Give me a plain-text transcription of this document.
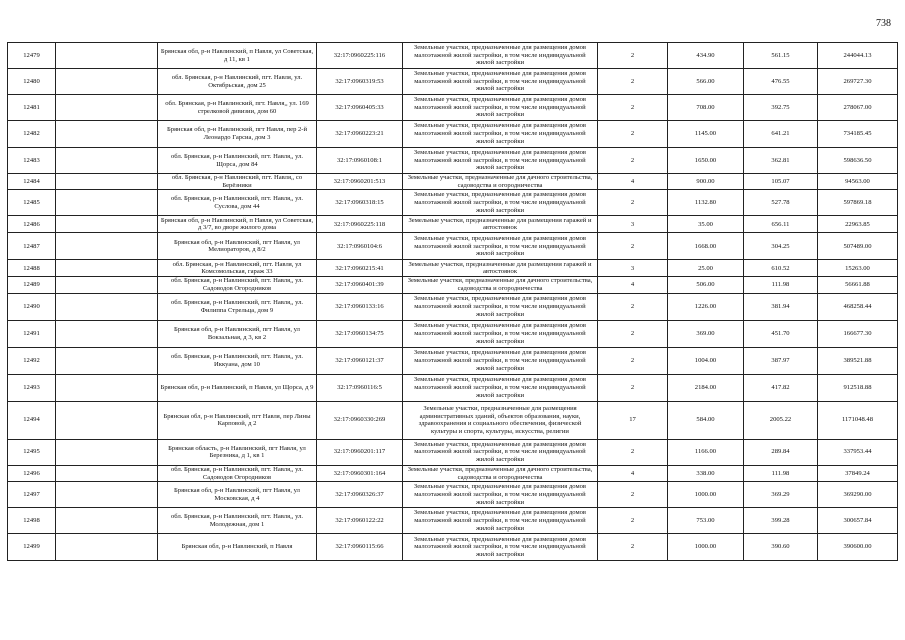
738
12479		Брянская обл, р-н Навлинский, п Навля, ул Советская, д 11, кв 1	32:17:0960225:116	Земельные участки, предназначенные для размещения домов малоэтажной жилой застройки, в том числе индивидуальной жилой застройки	2	434.90	561.15	244044.13
12480		обл. Брянская, р-н Навлинский, пгт. Навля, ул. Октябрьская, дом 25	32:17:0960319:53	Земельные участки, предназначенные для размещения домов малоэтажной жилой застройки, в том числе индивидуальной жилой застройки	2	566.00	476.55	269727.30
12481		обл. Брянская, р-н Навлинский, пгт. Навля,, ул. 169 стрелковой дивизии, дом 60	32:17:0960405:33	Земельные участки, предназначенные для размещения домов малоэтажной жилой застройки, в том числе индивидуальной жилой застройки	2	708.00	392.75	278067.00
12482		Брянская обл, р-н Навлинский, пгт Навля, пер 2-й Леонардо Гарсиа, дом 3	32:17:0960223:21	Земельные участки, предназначенные для размещения домов малоэтажной жилой застройки, в том числе индивидуальной жилой застройки	2	1145.00	641.21	734185.45
12483		обл. Брянская, р-н Навлинский, пгт. Навля,, ул. Щорса, дом 84	32:17:0960108:1	Земельные участки, предназначенные для размещения домов малоэтажной жилой застройки, в том числе индивидуальной жилой застройки	2	1650.00	362.81	598636.50
12484		обл. Брянская, р-н Навлинский, пгт. Навля,, со Берёзники	32:17:0960201:513	Земельные участки, предназначенные для дачного строительства, садоводства и огородничества	4	900.00	105.07	94563.00
12485		обл. Брянская, р-н Навлинский, пгт. Навля,, ул. Суслова, дом 44	32:17:0960318:15	Земельные участки, предназначенные для размещения домов малоэтажной жилой застройки, в том числе индивидуальной жилой застройки	2	1132.80	527.78	597869.18
12486		Брянская обл, р-н Навлинский, п Навля, ул Советская, д 3/7, во дворе жилого дома	32:17:0960225:118	Земельные участки, предназначенные для размещения гаражей и автостоянок	3	35.00	656.11	22963.85
12487		Брянская обл, р-н Навлинский, пгт Навля, ул Мелиораторов, д 8/2	32:17:0960104:6	Земельные участки, предназначенные для размещения домов малоэтажной жилой застройки, в том числе индивидуальной жилой застройки	2	1668.00	304.25	507489.00
12488		обл. Брянская, р-н Навлинский, пгт. Навля, ул Комсомольская, гараж 33	32:17:0960215:41	Земельные участки, предназначенные для размещения гаражей и автостоянок	3	25.00	610.52	15263.00
12489		обл. Брянская, р-н Навлинский, пгт. Навля,, ул. Садоводов Огородников	32:17:0960401:39	Земельные участки, предназначенные для дачного строительства, садоводства и огородничества	4	506.00	111.98	56661.88
12490		обл. Брянская, р-н Навлинский, пгт. Навля,, ул. Филиппа Стрельца, дом 9	32:17:0960133:16	Земельные участки, предназначенные для размещения домов малоэтажной жилой застройки, в том числе индивидуальной жилой застройки	2	1226.00	381.94	468258.44
12491		Брянская обл, р-н Навлинский, пгт Навля, ул Вокзальная, д 3, кв 2	32:17:0960134:75	Земельные участки, предназначенные для размещения домов малоэтажной жилой застройки, в том числе индивидуальной жилой застройки	2	369.00	451.70	166677.30
12492		обл. Брянская, р-н Навлинский, пгт. Навля,, ул. Иккуана, дом 10	32:17:0960121:37	Земельные участки, предназначенные для размещения домов малоэтажной жилой застройки, в том числе индивидуальной жилой застройки	2	1004.00	387.97	389521.88
12493		Брянская обл, р-н Навлинский, п Навля, ул Щорса, д 9	32:17:0960116:5	Земельные участки, предназначенные для размещения домов малоэтажной жилой застройки, в том числе индивидуальной жилой застройки	2	2184.00	417.82	912518.88
12494		Брянская обл, р-н Навлинский, пгт Навля, пер Лины Карповой, д 2	32:17:0960330:269	Земельные участки, предназначенные для размещения административных зданий, объектов образования, науки, здравоохранения и социального обеспечения, физической культуры и спорта, культуры, искусства, религии	17	584.00	2005.22	1171048.48
12495		Брянская область, р-н Навлинский, пгт Навля, ул Березника, д 1, кв 1	32:17:0960201:117	Земельные участки, предназначенные для размещения домов малоэтажной жилой застройки, в том числе индивидуальной жилой застройки	2	1166.00	289.84	337953.44
12496		обл. Брянская, р-н Навлинский, пгт. Навля,, ул. Садоводов Огородников	32:17:0960301:164	Земельные участки, предназначенные для дачного строительства, садоводства и огородничества	4	338.00	111.98	37849.24
12497		Брянская обл, р-н Навлинский, пгт Навля, ул Московская, д 4	32:17:0960326:37	Земельные участки, предназначенные для размещения домов малоэтажной жилой застройки, в том числе индивидуальной жилой застройки	2	1000.00	369.29	369290.00
12498		обл. Брянская, р-н Навлинский, пгт. Навля,, ул. Молодежная, дом 1	32:17:0960122:22	Земельные участки, предназначенные для размещения домов малоэтажной жилой застройки, в том числе индивидуальной жилой застройки	2	753.00	399.28	300657.84
12499		Брянская обл, р-н Навлинский, п Навля	32:17:0960115:66	Земельные участки, предназначенные для размещения домов малоэтажной жилой застройки, в том числе индивидуальной жилой застройки	2	1000.00	390.60	390600.00
